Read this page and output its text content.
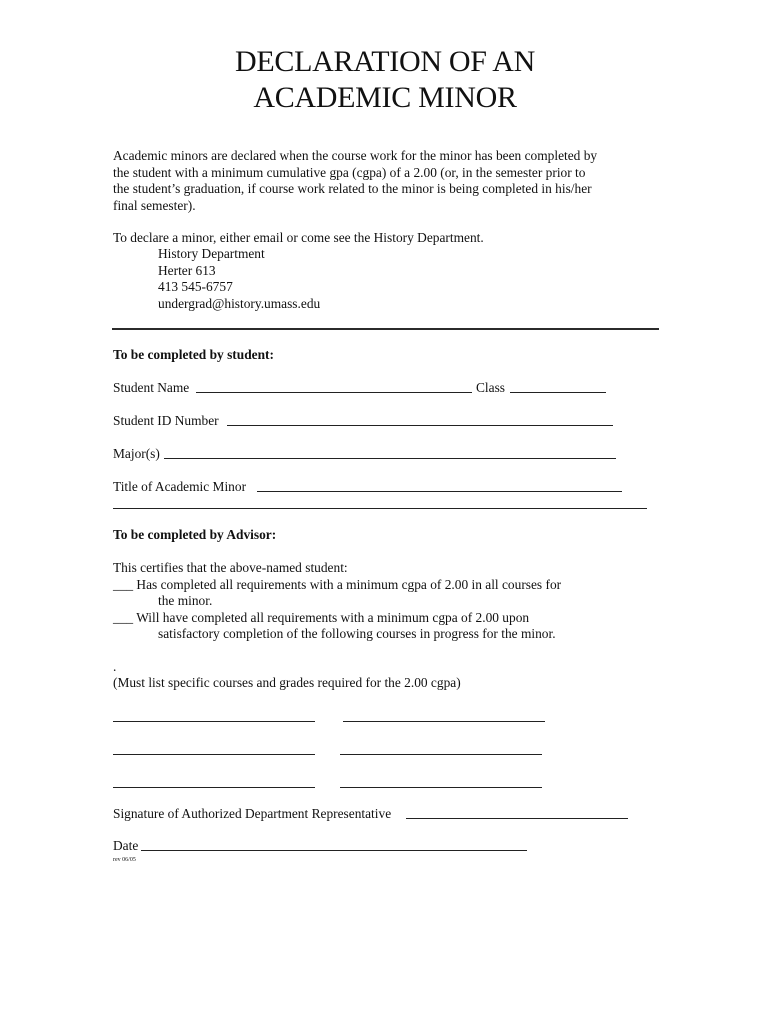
DECLARATION OF AN
ACADEMIC MINOR
Academic minors are declared when the course work for the minor has been completed by
the student with a minimum cumulative gpa (cgpa) of a 2.00 (or, in the semester prior to
the student’s graduation, if course work related to the minor is being completed in his/her
final semester).
To declare a minor, either email or come see the History Department.
History Department
Herter 613
413 545-6757
undergrad@history.umass.edu
To be completed by student:
Student Name	Class
Student ID Number
Major(s)
Title of Academic Minor
To be completed by Advisor:
This certifies that the above-named student:
___ Has completed all requirements with a minimum cgpa of 2.00 in all courses for
the minor.
___ Will have completed all requirements with a minimum cgpa of 2.00 upon
satisfactory completion of the following courses in progress for the minor.
.
(Must list specific courses and grades required for the 2.00 cgpa)
Signature of Authorized Department Representative
Date
rev 06/05
